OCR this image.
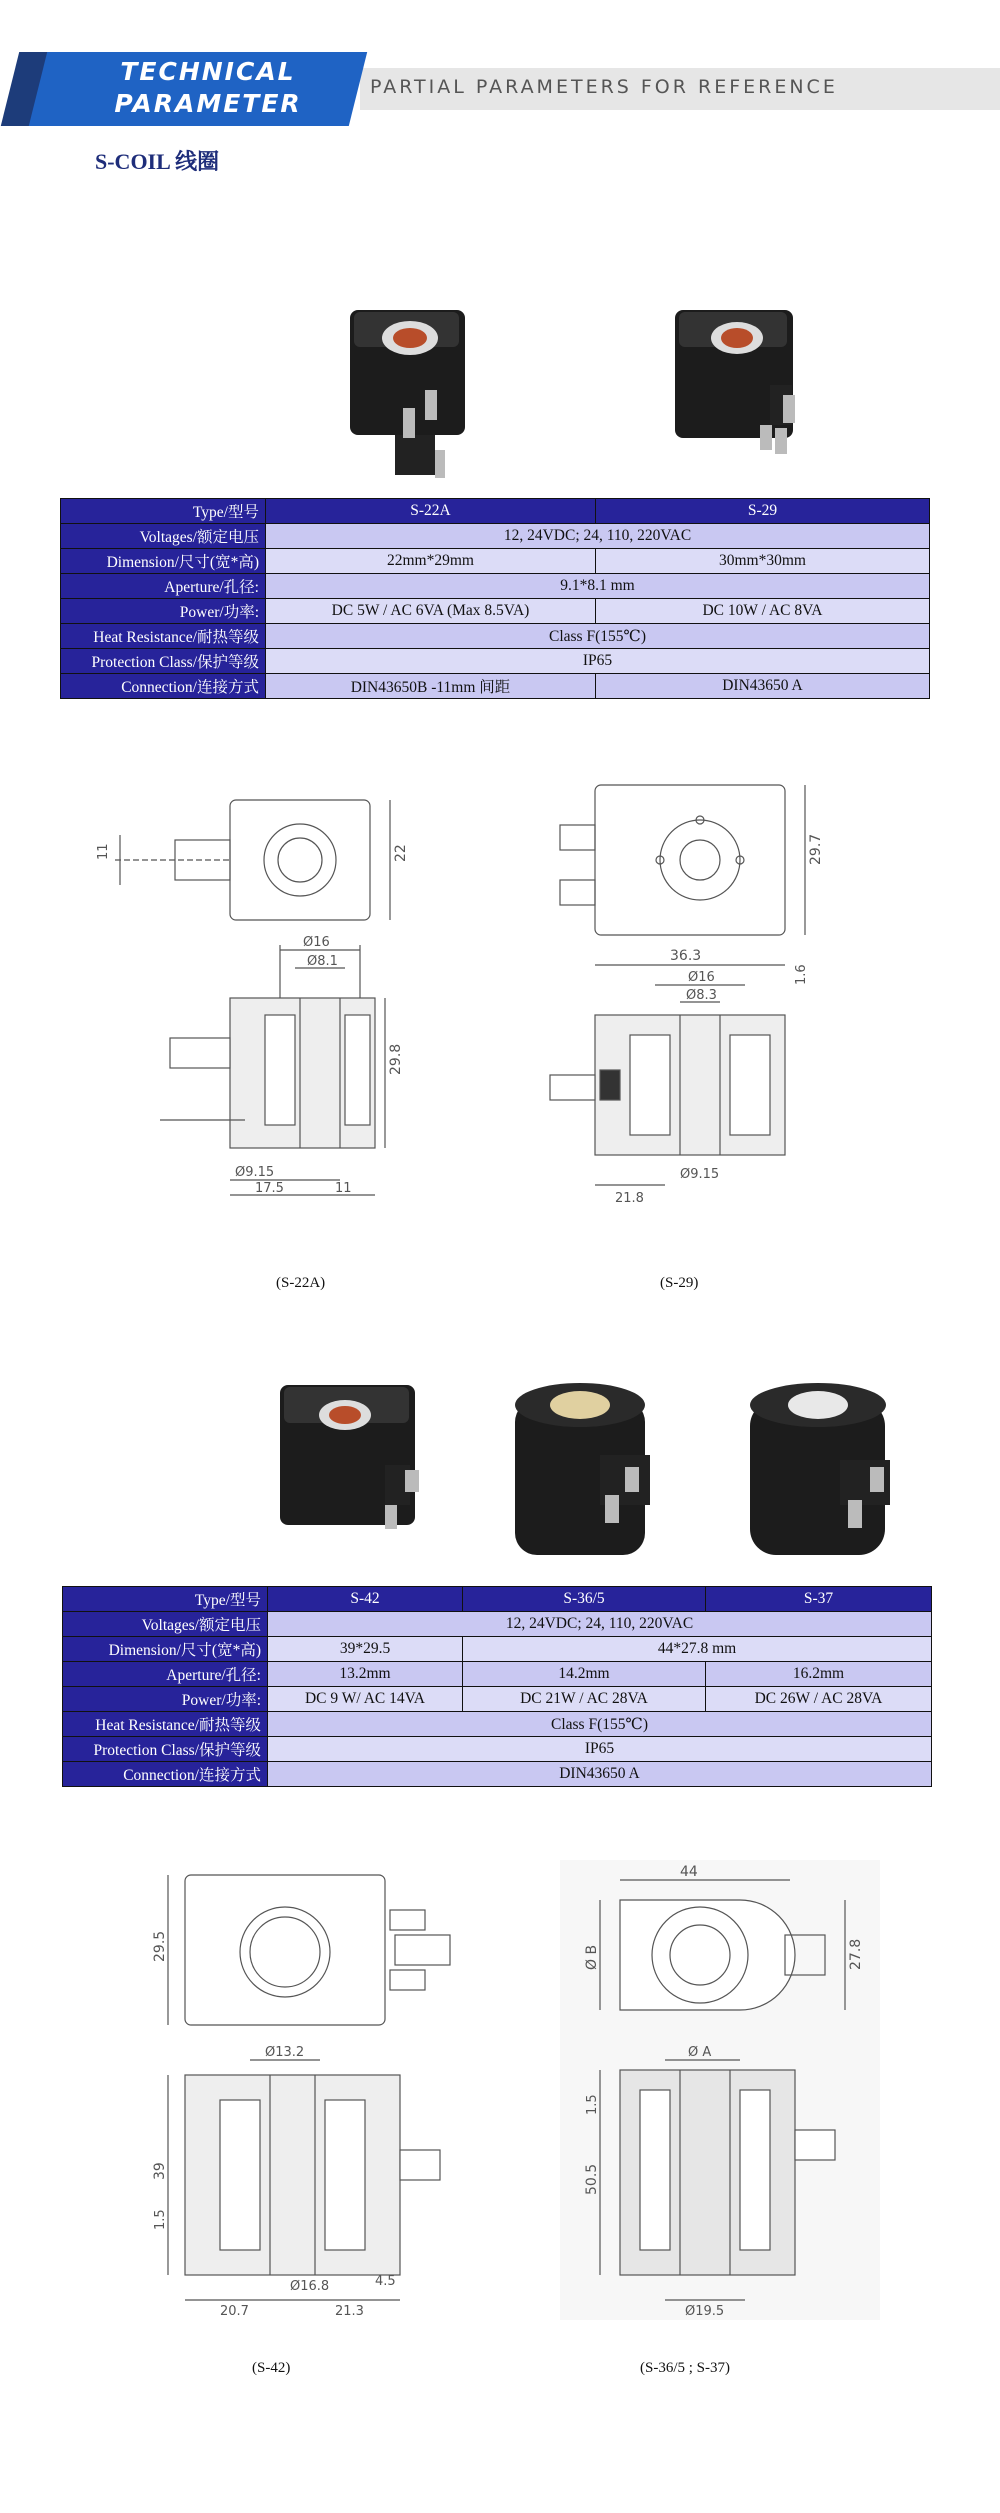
PARTIAL PARAMETERS FOR REFERENCE
TECHNICAL
PARAMETER
S-COIL 线圈
Type/型号	S-22A	S-29
Voltages/额定电压	12, 24VDC; 24, 110, 220VAC	
Dimension/尺寸(宽*高)	22mm*29mm	30mm*30mm
Aperture/孔径:	9.1*8.1 mm	
Power/功率:	DC 5W / AC 6VA (Max 8.5VA)	DC 10W / AC 8VA
Heat Resistance/耐热等级	Class F(155℃)	
Protection Class/保护等级	IP65	
Connection/连接方式	DIN43650B -11mm 间距	DIN43650 A
11	22
Ø16
Ø8.1
29.8
Ø9.15
17.5	11
29.7
36.3
Ø16
Ø8.3
1.6
21.8
Ø9.15
(S-22A)	(S-29)
Type/型号	S-42	S-36/5	S-37
Voltages/额定电压	12, 24VDC; 24, 110, 220VAC		
Dimension/尺寸(宽*高)	39*29.5	44*27.8 mm	
Aperture/孔径:	13.2mm	14.2mm	16.2mm
Power/功率:	DC 9 W/ AC 14VA	DC 21W / AC 28VA	DC 26W / AC 28VA
Heat Resistance/耐热等级	Class F(155℃)		
Protection Class/保护等级	IP65		
Connection/连接方式	DIN43650 A		
29.5
Ø13.2
39
1.5
20.7
Ø16.8
21.3
4.5
44
Ø B	27.8
Ø A
1.5
50.5
Ø19.5
(S-42)	(S-36/5 ; S-37)
